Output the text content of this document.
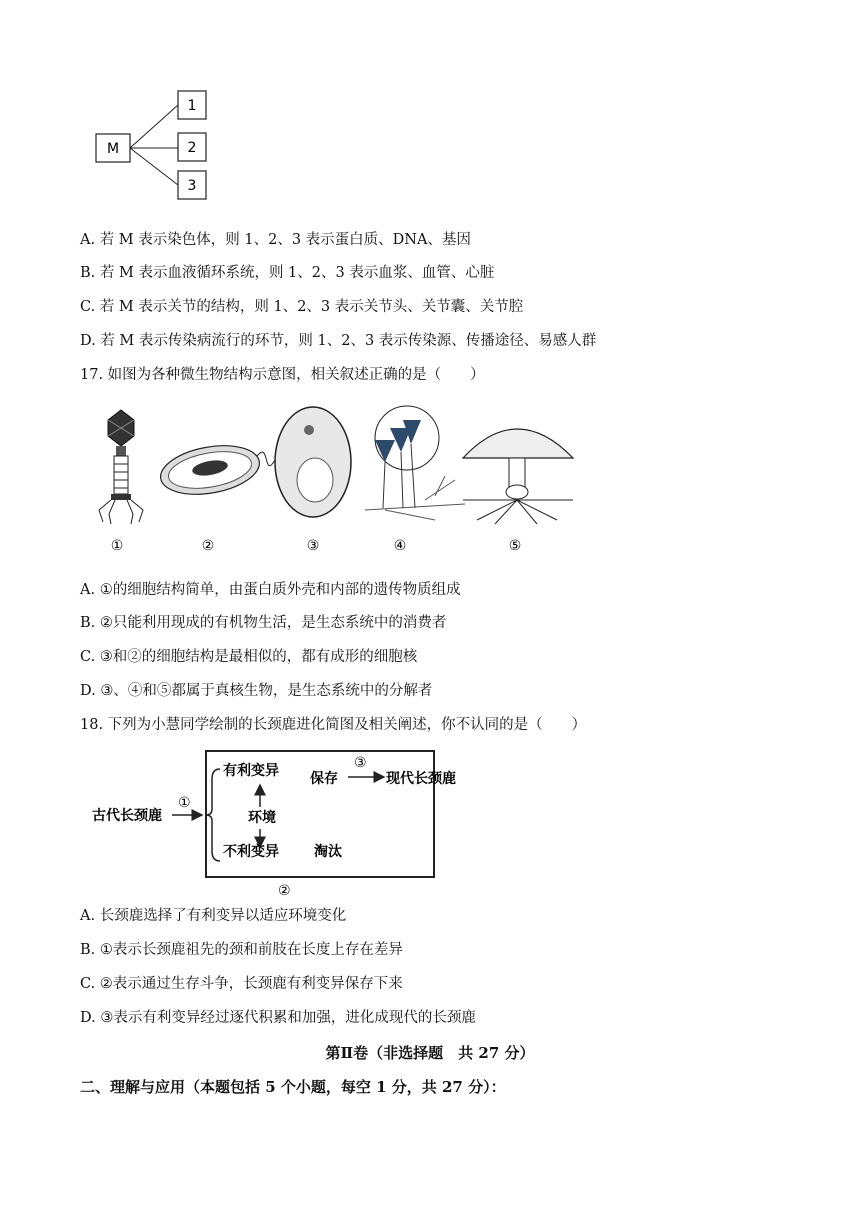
M
1
2
3
A. 若 M 表示染色体，则 1、2、3 表示蛋白质、DNA、基因
B. 若 M 表示血液循环系统，则 1、2、3 表示血浆、血管、心脏
C. 若 M 表示关节的结构，则 1、2、3 表示关节头、关节囊、关节腔
D. 若 M 表示传染病流行的环节，则 1、2、3 表示传染源、传播途径、易感人群
17. 如图为各种微生物结构示意图，相关叙述正确的是（　　）
①	②	③	④	⑤
A. ①的细胞结构简单，由蛋白质外壳和内部的遗传物质组成
B. ②只能利用现成的有机物生活，是生态系统中的消费者
C. ③和②的细胞结构是最相似的，都有成形的细胞核
D. ③、④和⑤都属于真核生物，是生态系统中的分解者
18. 下列为小慧同学绘制的长颈鹿进化简图及相关阐述，你不认同的是（　　）
古代长颈鹿
①
有利变异
环境
不利变异
保存
淘汰
②
③
现代长颈鹿
A. 长颈鹿选择了有利变异以适应环境变化
B. ①表示长颈鹿祖先的颈和前肢在长度上存在差异
C. ②表示通过生存斗争，长颈鹿有利变异保存下来
D. ③表示有利变异经过逐代积累和加强，进化成现代的长颈鹿
第Ⅱ卷（非选择题　共 27 分）
二、理解与应用（本题包括 5 个小题，每空 1 分，共 27 分）：
